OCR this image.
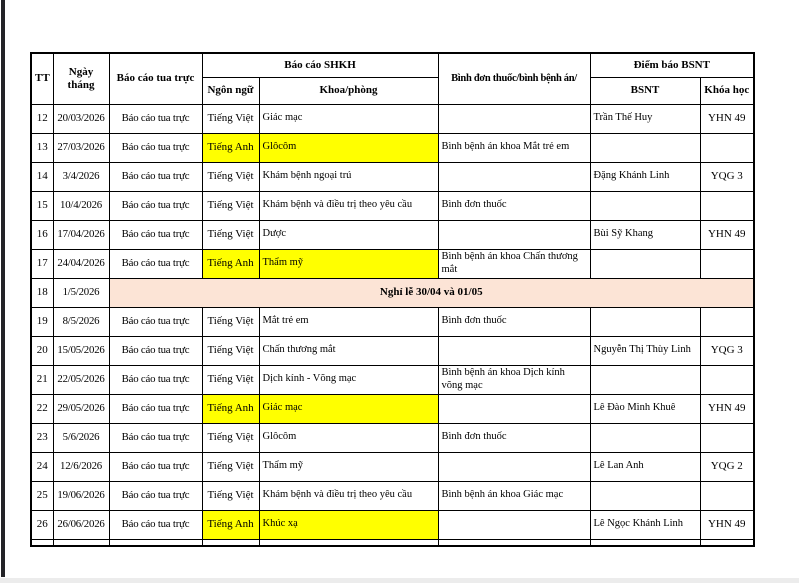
TT	Ngày tháng	Báo cáo tua trực	Báo cáo SHKH		Bình đơn thuốc/bình bệnh án/	Điểm báo BSNT	
			Ngôn ngữ	Khoa/phòng		BSNT	Khóa học
12	20/03/2026	Báo cáo tua trực	Tiếng Việt	Giác mạc		Trần Thế Huy	YHN 49
13	27/03/2026	Báo cáo tua trực	Tiếng Anh	Glôcôm	Bình bệnh án khoa Mắt trẻ em		
14	3/4/2026	Báo cáo tua trực	Tiếng Việt	Khám bệnh ngoại trú		Đặng Khánh Linh	YQG 3
15	10/4/2026	Báo cáo tua trực	Tiếng Việt	Khám bệnh và điều trị theo yêu cầu	Bình đơn thuốc		
16	17/04/2026	Báo cáo tua trực	Tiếng Việt	Dược		Bùi Sỹ Khang	YHN 49
17	24/04/2026	Báo cáo tua trực	Tiếng Anh	Thẩm mỹ	Bình bệnh án khoa Chấn thương mắt		
18	1/5/2026	Nghỉ lễ 30/04 và 01/05					
19	8/5/2026	Báo cáo tua trực	Tiếng Việt	Mắt trẻ em	Bình đơn thuốc		
20	15/05/2026	Báo cáo tua trực	Tiếng Việt	Chấn thương mắt		Nguyễn Thị Thùy Linh	YQG 3
21	22/05/2026	Báo cáo tua trực	Tiếng Việt	Dịch kính - Võng mạc	Bình bệnh án khoa Dịch kính võng mạc		
22	29/05/2026	Báo cáo tua trực	Tiếng Anh	Giác mạc		Lê Đào Minh Khuê	YHN 49
23	5/6/2026	Báo cáo tua trực	Tiếng Việt	Glôcôm	Bình đơn thuốc		
24	12/6/2026	Báo cáo tua trực	Tiếng Việt	Thẩm mỹ		Lê Lan Anh	YQG 2
25	19/06/2026	Báo cáo tua trực	Tiếng Việt	Khám bệnh và điều trị theo yêu cầu	Bình bệnh án khoa Giác mạc		
26	26/06/2026	Báo cáo tua trực	Tiếng Anh	Khúc xạ		Lê Ngọc Khánh Linh	YHN 49
